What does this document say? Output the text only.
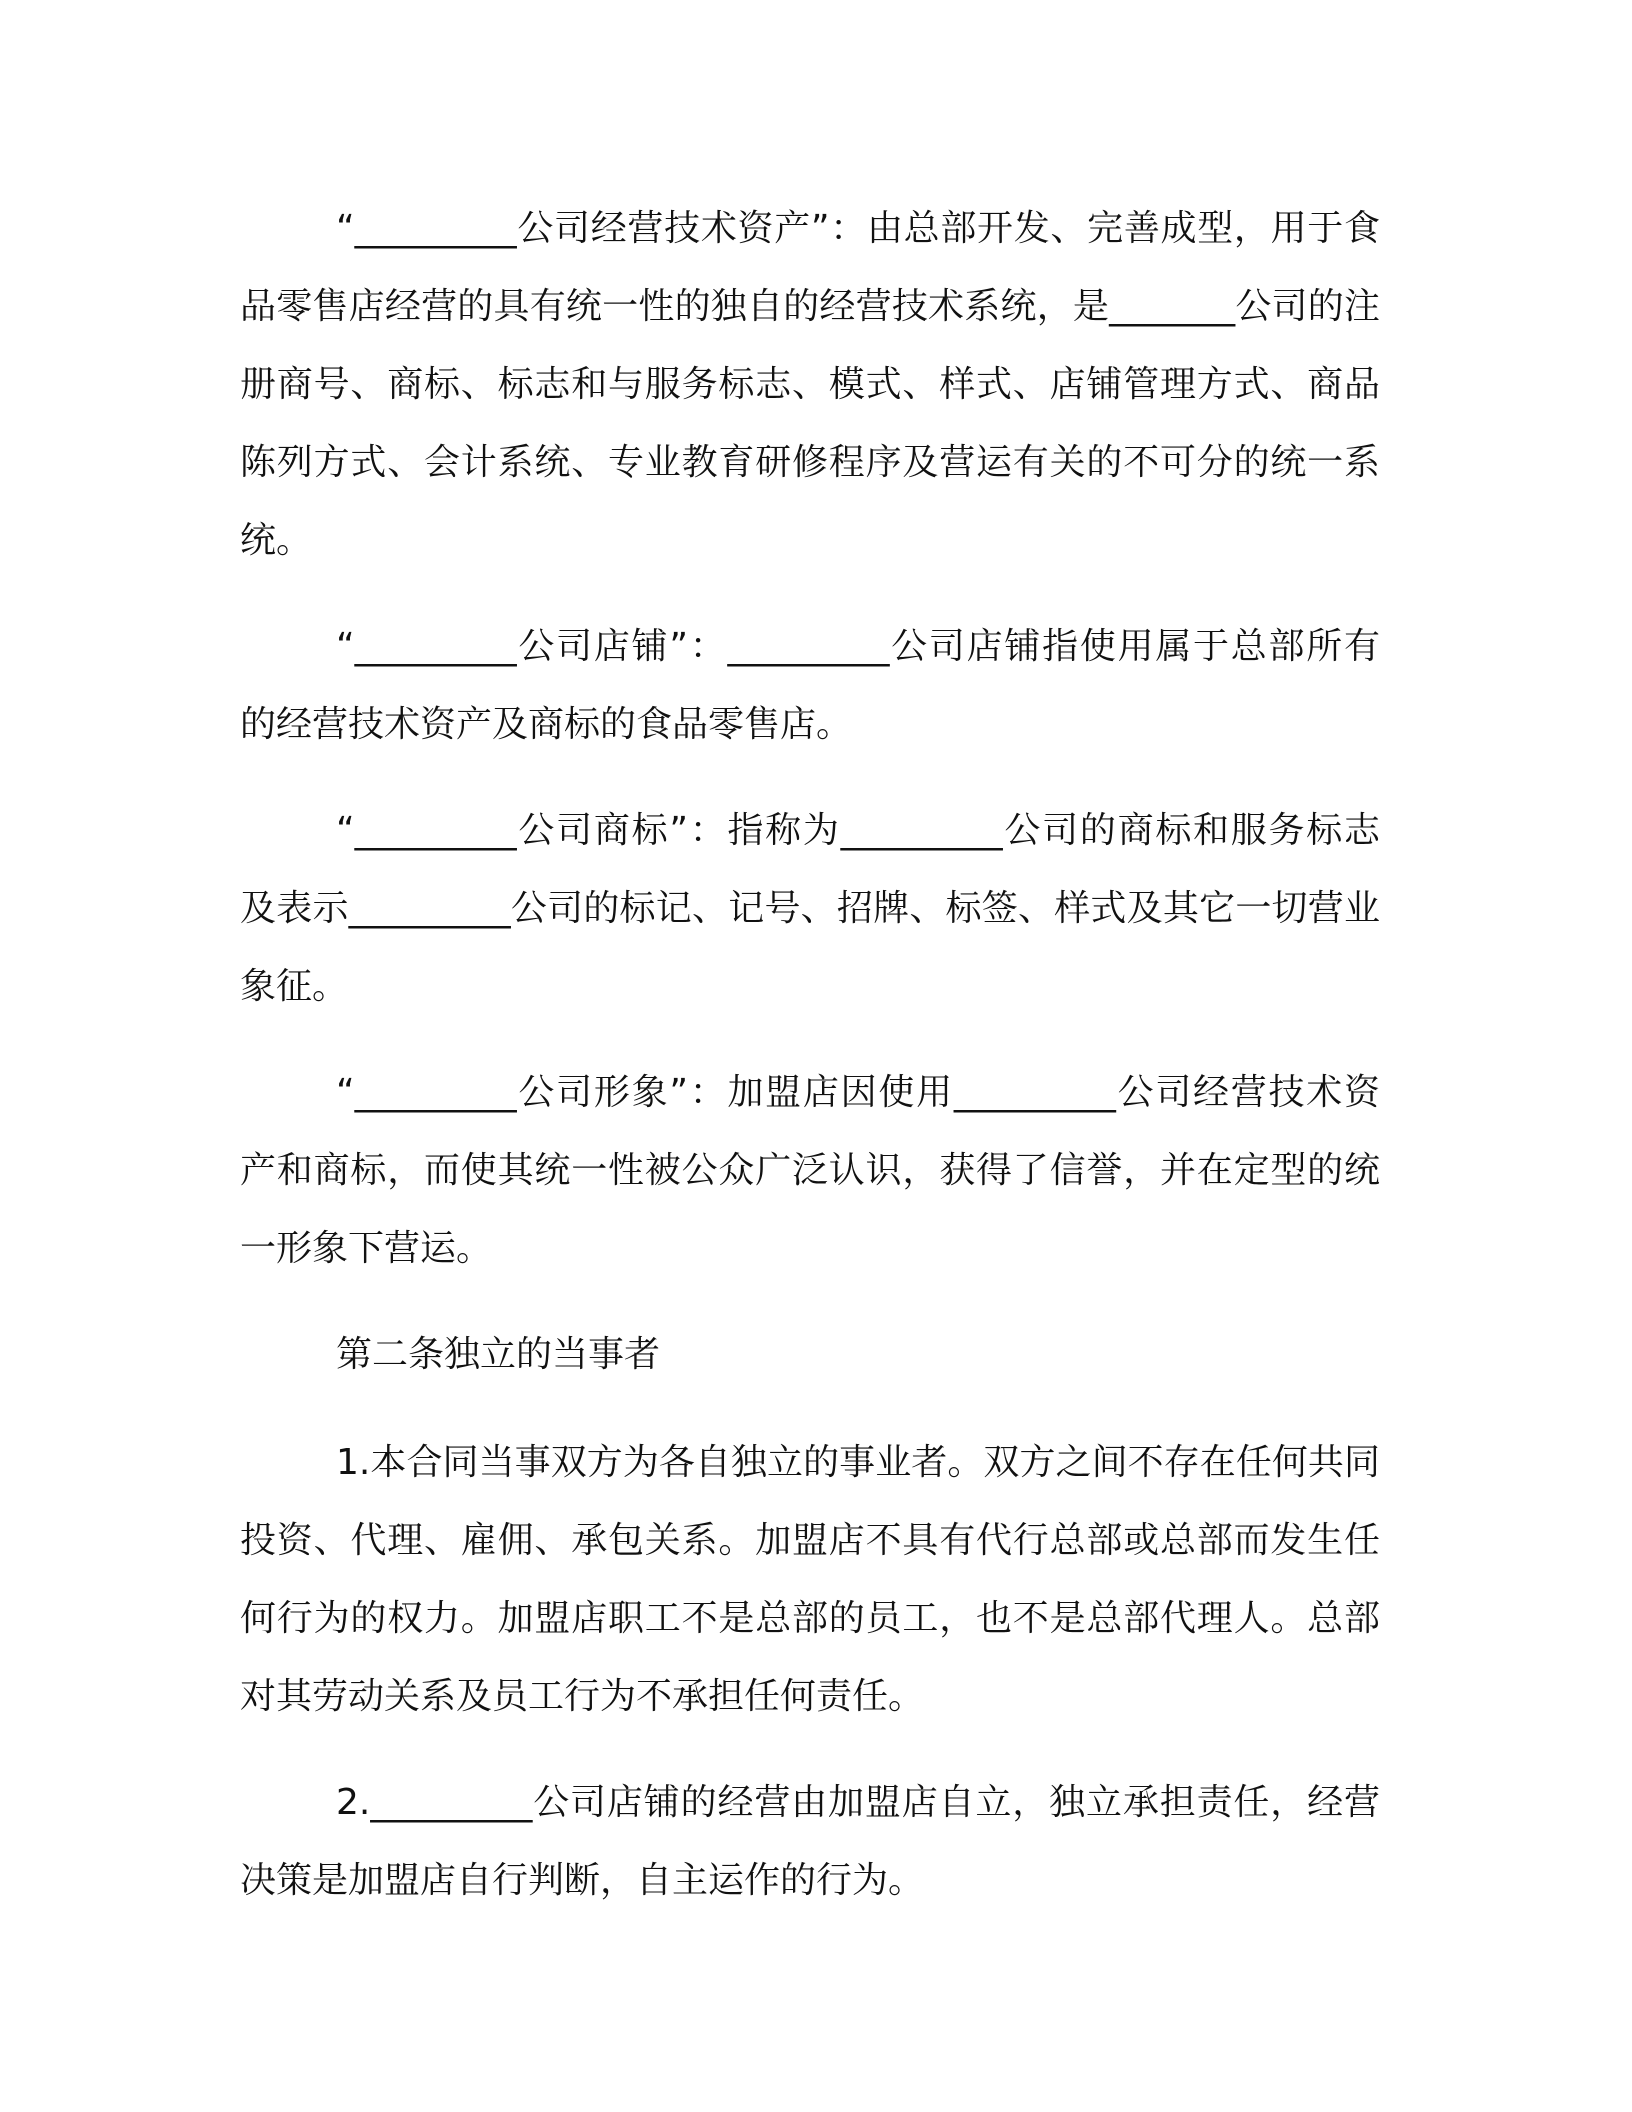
“_________公司经营技术资产”：由总部开发、完善成型，用于食品零售店经营的具有统一性的独自的经营技术系统，是_______公司的注册商号、商标、标志和与服务标志、模式、样式、店铺管理方式、商品陈列方式、会计系统、专业教育研修程序及营运有关的不可分的统一系统。

“_________公司店铺”：_________公司店铺指使用属于总部所有的经营技术资产及商标的食品零售店。

“_________公司商标”：指称为_________公司的商标和服务标志及表示_________公司的标记、记号、招牌、标签、样式及其它一切营业象征。

“_________公司形象”：加盟店因使用_________公司经营技术资产和商标，而使其统一性被公众广泛认识，获得了信誉，并在定型的统一形象下营运。

第二条独立的当事者

1.本合同当事双方为各自独立的事业者。双方之间不存在任何共同投资、代理、雇佣、承包关系。加盟店不具有代行总部或总部而发生任何行为的权力。加盟店职工不是总部的员工，也不是总部代理人。总部对其劳动关系及员工行为不承担任何责任。

2._________公司店铺的经营由加盟店自立，独立承担责任，经营决策是加盟店自行判断，自主运作的行为。
